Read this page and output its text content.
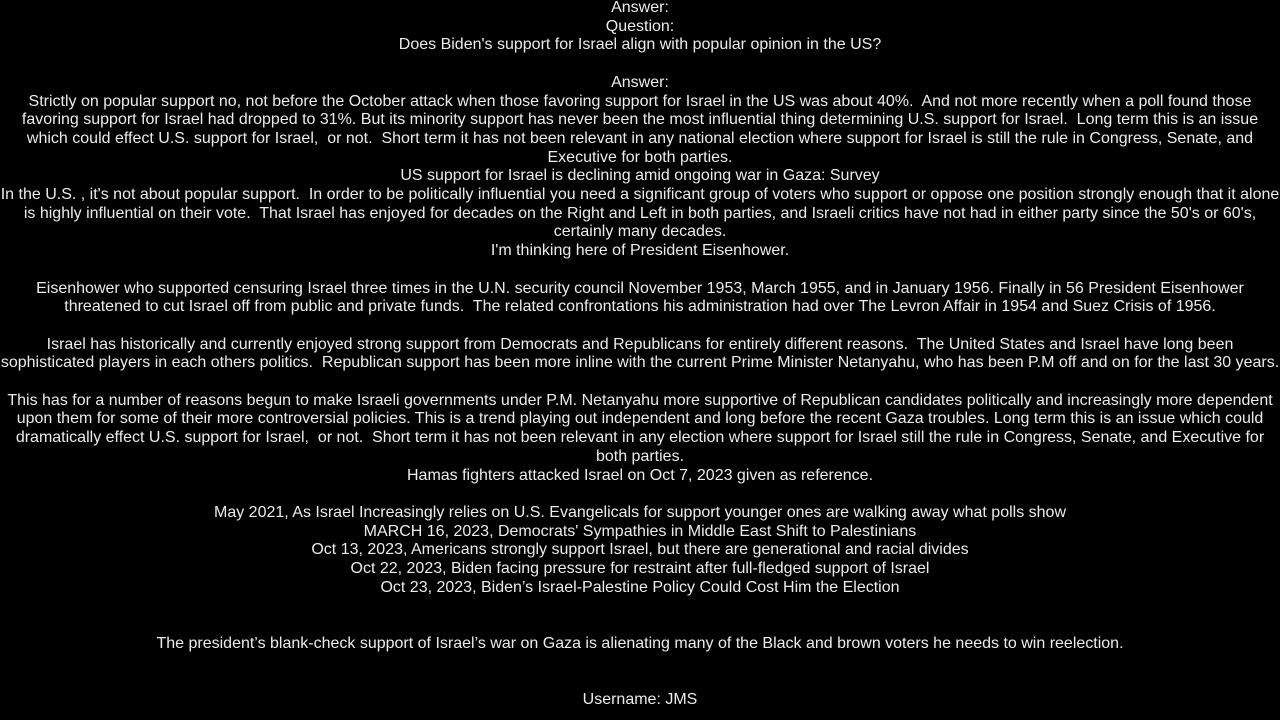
Answer:
Question:
Does Biden's support for Israel align with popular opinion in the US?
Answer:
Strictly on popular support no, not before the October attack when those favoring support for Israel in the US was about 40%.  And not more recently when a poll found those favoring support for Israel had dropped to 31%. But its minority support has never been the most influential thing determining U.S. support for Israel.  Long term this is an issue which could effect U.S. support for Israel,  or not.  Short term it has not been relevant in any national election where support for Israel is still the rule in Congress, Senate, and Executive for both parties.
US support for Israel is declining amid ongoing war in Gaza: Survey
In the U.S. , it's not about popular support.  In order to be politically influential you need a significant group of voters who support or oppose one position strongly enough that it alone is highly influential on their vote.  That Israel has enjoyed for decades on the Right and Left in both parties, and Israeli critics have not had in either party since the 50's or 60's, certainly many decades.
I'm thinking here of President Eisenhower.
Eisenhower who supported censuring Israel three times in the U.N. security council November 1953, March 1955, and in January 1956. Finally in 56 President Eisenhower threatened to cut Israel off from public and private funds.  The related confrontations his administration had over The Levron Affair in 1954 and Suez Crisis of 1956.
Israel has historically and currently enjoyed strong support from Democrats and Republicans for entirely different reasons.  The United States and Israel have long been sophisticated players in each others politics.  Republican support has been more inline with the current Prime Minister Netanyahu, who has been P.M off and on for the last 30 years.
This has for a number of reasons begun to make Israeli governments under P.M. Netanyahu more supportive of Republican candidates politically and increasingly more dependent upon them for some of their more controversial policies. This is a trend playing out independent and long before the recent Gaza troubles. Long term this is an issue which could dramatically effect U.S. support for Israel,  or not.  Short term it has not been relevant in any election where support for Israel still the rule in Congress, Senate, and Executive for both parties.
Hamas fighters attacked Israel on Oct 7, 2023 given as reference.
May 2021, As Israel Increasingly relies on U.S. Evangelicals for support younger ones are walking away what polls show
MARCH 16, 2023, Democrats' Sympathies in Middle East Shift to Palestinians
Oct 13, 2023, Americans strongly support Israel, but there are generational and racial divides
Oct 22, 2023, Biden facing pressure for restraint after full-fledged support of Israel
Oct 23, 2023, Biden’s Israel-Palestine Policy Could Cost Him the Election
The president’s blank-check support of Israel’s war on Gaza is alienating many of the Black and brown voters he needs to win reelection.
Username: JMS
